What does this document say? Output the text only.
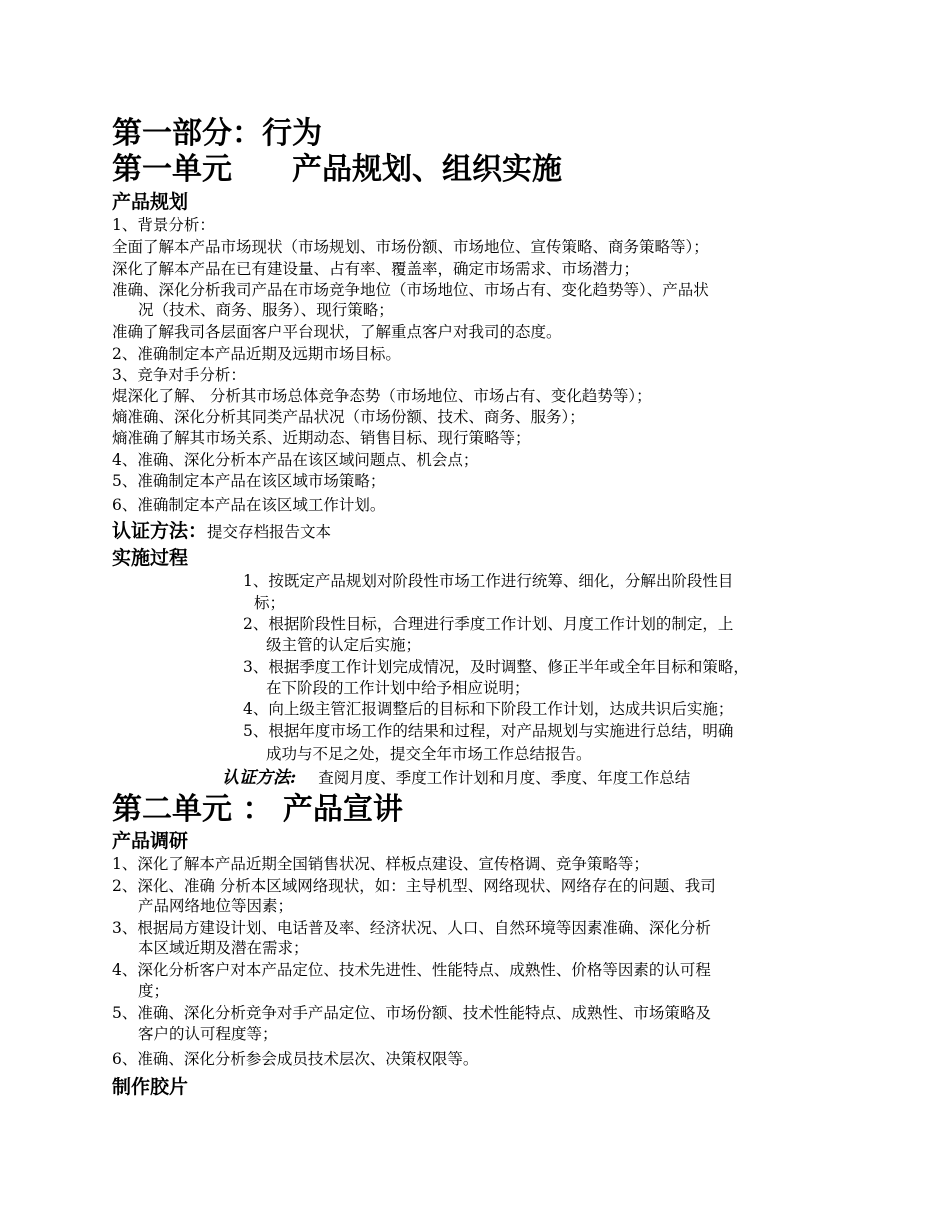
第一部分：行为
第一单元　　产品规划、组织实施
产品规划
1、背景分析：
全面了解本产品市场现状（市场规划、市场份额、市场地位、宣传策略、商务策略等）；
深化了解本产品在已有建设量、占有率、覆盖率，确定市场需求、市场潜力；
准确、深化分析我司产品在市场竞争地位（市场地位、市场占有、变化趋势等）、产品状
况（技术、商务、服务）、现行策略；
准确了解我司各层面客户平台现状，了解重点客户对我司的态度。
2、准确制定本产品近期及远期市场目标。
3、竞争对手分析：
焜深化了解、 分析其市场总体竞争态势（市场地位、市场占有、变化趋势等）；
熵准确、深化分析其同类产品状况（市场份额、技术、商务、服务）；
熵准确了解其市场关系、近期动态、销售目标、现行策略等；
4、准确、深化分析本产品在该区域问题点、机会点；
5、准确制定本产品在该区域市场策略；
6、准确制定本产品在该区域工作计划。
认证方法：提交存档报告文本
实施过程
1、按既定产品规划对阶段性市场工作进行统筹、细化，分解出阶段性目
标；
2、根据阶段性目标，合理进行季度工作计划、月度工作计划的制定，上
级主管的认定后实施；
3、根据季度工作计划完成情况，及时调整、修正半年或全年目标和策略，
在下阶段的工作计划中给予相应说明；
4、向上级主管汇报调整后的目标和下阶段工作计划，达成共识后实施；
5、根据年度市场工作的结果和过程，对产品规划与实施进行总结，明确
成功与不足之处，提交全年市场工作总结报告。
认证方法: 查阅月度、季度工作计划和月度、季度、年度工作总结
第二单元 ： 产品宣讲
产品调研
1、深化了解本产品近期全国销售状况、样板点建设、宣传格调、竞争策略等；
2、深化、准确 分析本区域网络现状，如：主导机型、网络现状、网络存在的问题、我司
产品网络地位等因素；
3、根据局方建设计划、电话普及率、经济状况、人口、自然环境等因素准确、深化分析
本区域近期及潜在需求；
4、深化分析客户对本产品定位、技术先进性、性能特点、成熟性、价格等因素的认可程
度；
5、准确、深化分析竞争对手产品定位、市场份额、技术性能特点、成熟性、市场策略及
客户的认可程度等；
6、准确、深化分析参会成员技术层次、决策权限等。
制作胶片
